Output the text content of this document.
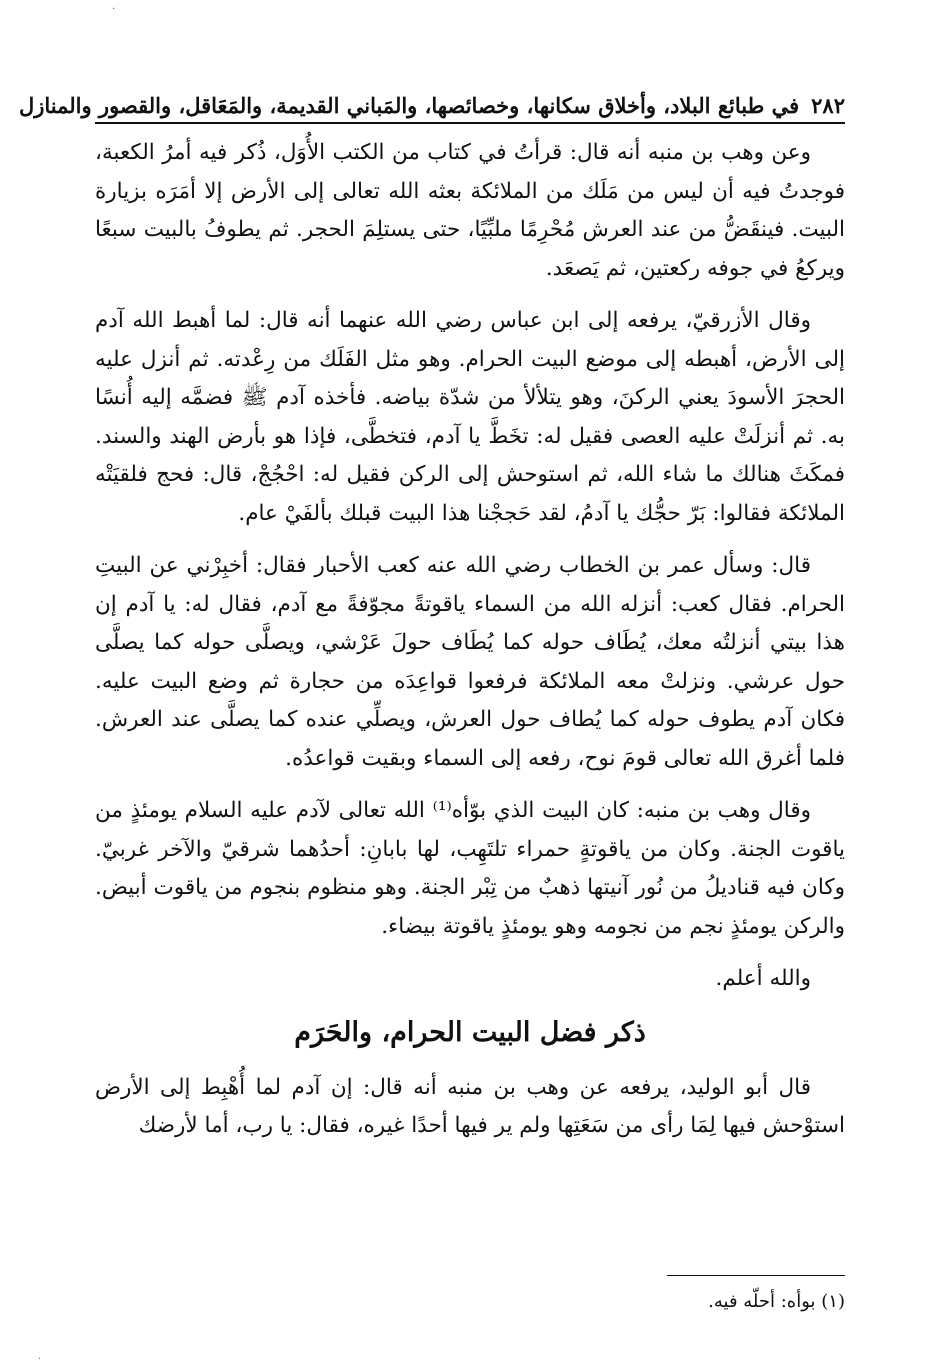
·
٢٨٢
في طبائع البلاد، وأخلاق سكانها، وخصائصها، والمَباني القديمة، والمَعَاقل، والقصور والمنازل

وعن وهب بن منبه أنه قال: قرأتُ في كتاب من الكتب الأُوَل، ذُكر فيه أمرُ الكعبة، فوجدتُ فيه أن ليس من مَلَك من الملائكة بعثه الله تعالى إلى الأرض إلا أمَرَه بزيارة البيت. فينقَضُّ من عند العرش مُحْرِمًا ملبِّيًا، حتى يستلِمَ الحجر. ثم يطوفُ بالبيت سبعًا ويركعُ في جوفه ركعتين، ثم يَصعَد.

وقال الأزرقيّ، يرفعه إلى ابن عباس رضي الله عنهما أنه قال: لما أهبط الله آدم إلى الأرض، أهبطه إلى موضع البيت الحرام. وهو مثل الفَلَك من رِعْدته. ثم أنزل عليه الحجرَ الأسودَ يعني الركنَ، وهو يتلألأ من شدّة بياضه. فأخذه آدم ﷺ فضمَّه إليه أُنسًا به. ثم أنزلَتْ عليه العصى فقيل له: تخَطَّ يا آدم، فتخطَّى، فإذا هو بأرض الهند والسند. فمكَثَ هنالك ما شاء الله، ثم استوحش إلى الركن فقيل له: احْجُجْ، قال: فحج فلقيَتْه الملائكة فقالوا: بَرّ حجُّك يا آدمُ، لقد حَججْنا هذا البيت قبلك بألفَيْ عام.

قال: وسأل عمر بن الخطاب رضي الله عنه كعب الأحبار فقال: أخبِرْني عن البيتِ الحرام. فقال كعب: أنزله الله من السماء ياقوتةً مجوّفةً مع آدم، فقال له: يا آدم إن هذا بيتي أنزلتُه معك، يُطَاف حوله كما يُطَاف حولَ عَرْشي، ويصلَّى حوله كما يصلَّى حول عرشي. ونزلتْ معه الملائكة فرفعوا قواعِدَه من حجارة ثم وضع البيت عليه. فكان آدم يطوف حوله كما يُطاف حول العرش، ويصلِّي عنده كما يصلَّى عند العرش. فلما أغرق الله تعالى قومَ نوح، رفعه إلى السماء وبقيت قواعدُه.

وقال وهب بن منبه: كان البيت الذي بوّأه⁽¹⁾ الله تعالى لآدم عليه السلام يومئذٍ من ياقوت الجنة. وكان من ياقوتةٍ حمراء تلتَهِب، لها بابانِ: أحدُهما شرقيّ والآخر غربيّ. وكان فيه قناديلُ من نُور آنيتها ذهبٌ من تِبْر الجنة. وهو منظوم بنجوم من ياقوت أبيض. والركن يومئذٍ نجم من نجومه وهو يومئذٍ ياقوتة بيضاء.

والله أعلم.

ذكر فضل البيت الحرام، والحَرَم

قال أبو الوليد، يرفعه عن وهب بن منبه أنه قال: إن آدم لما أُهْبِط إلى الأرض استوْحش فيها لِمَا رأى من سَعَتِها ولم ير فيها أحدًا غيره، فقال: يا رب، أما لأرضك

(١) بوأه: أحلّه فيه.
·
